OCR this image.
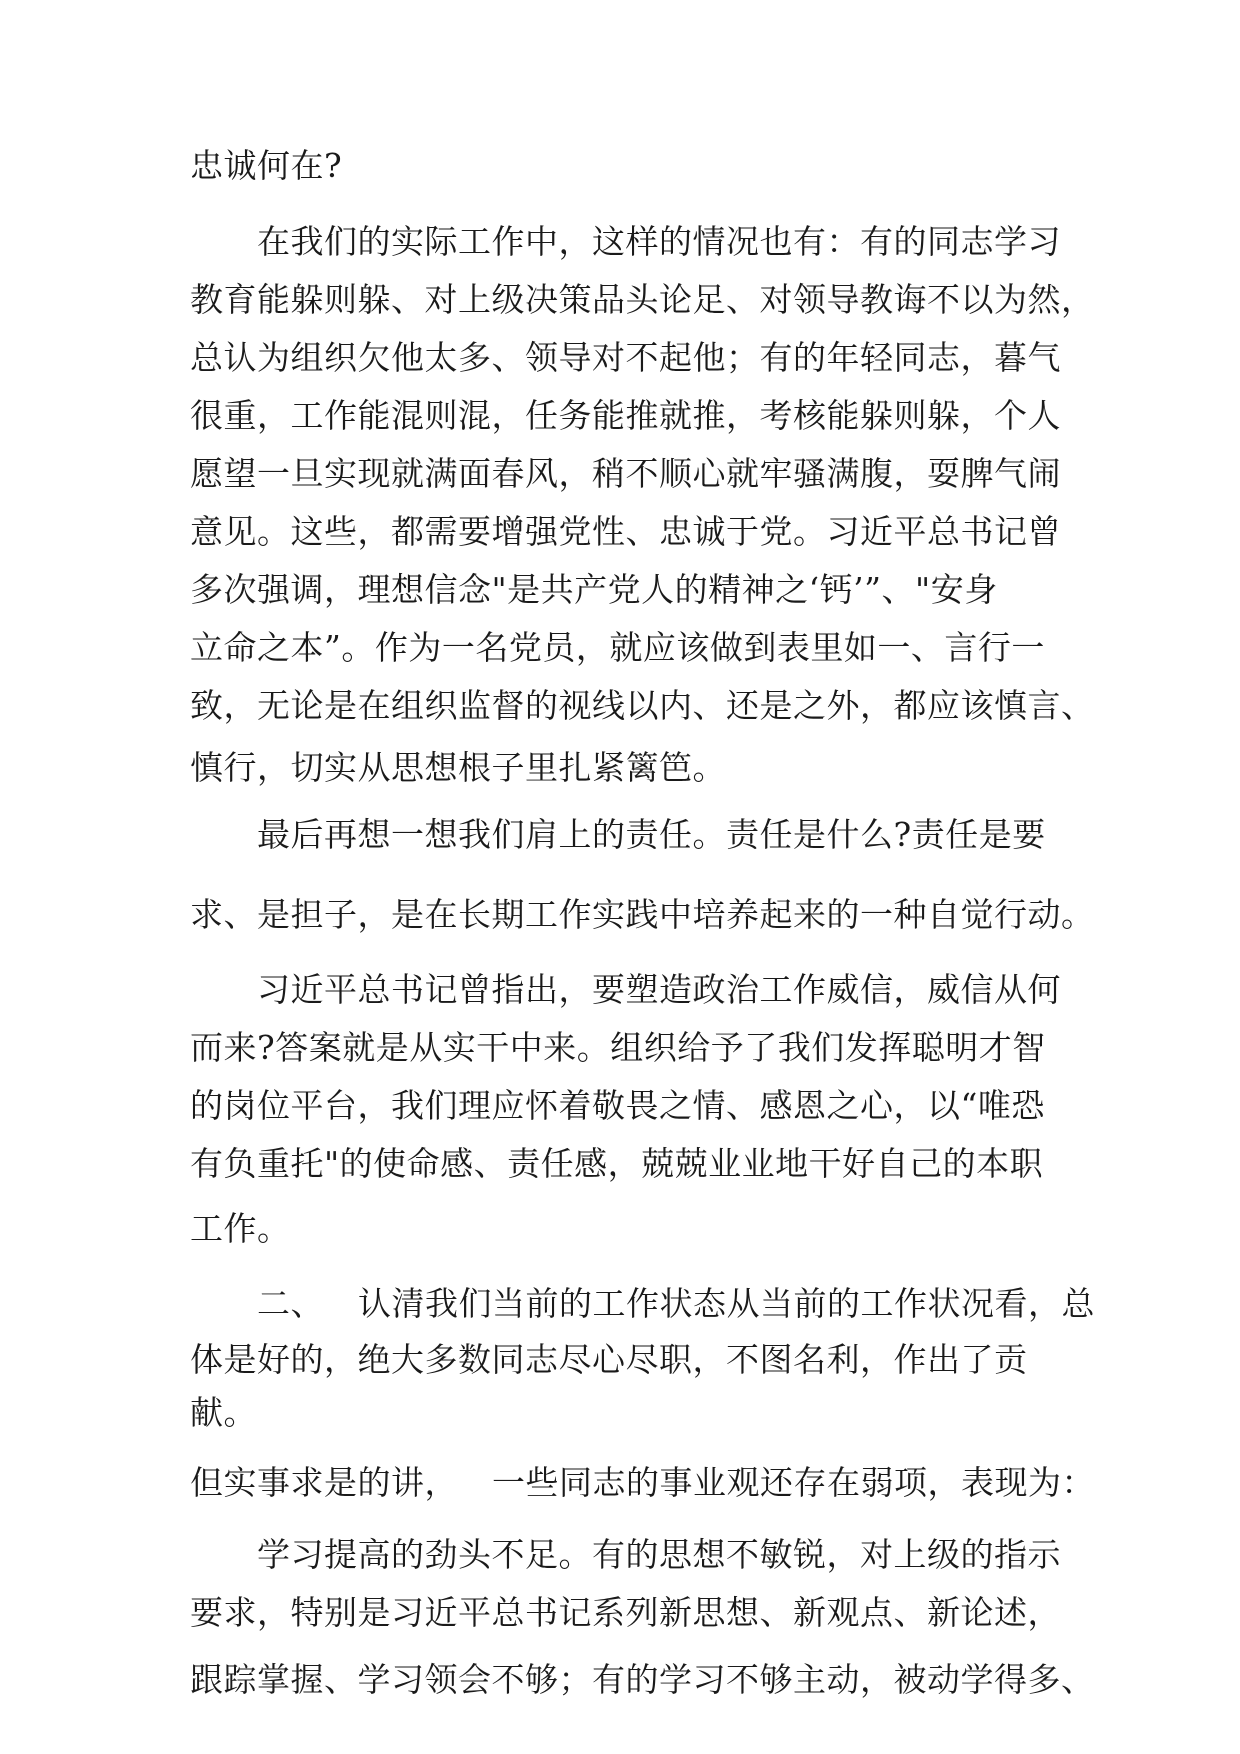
忠诚何在?
在我们的实际工作中，这样的情况也有：有的同志学习
教育能躲则躲、对上级决策品头论足、对领导教诲不以为然，
总认为组织欠他太多、领导对不起他；有的年轻同志，暮气
很重，工作能混则混，任务能推就推，考核能躲则躲，个人
愿望一旦实现就满面春风，稍不顺心就牢骚满腹，耍脾气闹
意见。这些，都需要增强党性、忠诚于党。习近平总书记曾
多次强调，理想信念"是共产党人的精神之‘钙’”、"安身
立命之本”。作为一名党员，就应该做到表里如一、言行一
致，无论是在组织监督的视线以内、还是之外，都应该慎言、
慎行，切实从思想根子里扎紧篱笆。
最后再想一想我们肩上的责任。责任是什么?责任是要
求、是担子，是在长期工作实践中培养起来的一种自觉行动。
习近平总书记曾指出，要塑造政治工作威信，威信从何
而来?答案就是从实干中来。组织给予了我们发挥聪明才智
的岗位平台，我们理应怀着敬畏之情、感恩之心，以“唯恐
有负重托"的使命感、责任感，兢兢业业地干好自己的本职
工作。
二、 认清我们当前的工作状态从当前的工作状况看，总
体是好的，绝大多数同志尽心尽职，不图名利，作出了贡
献。
但实事求是的讲， 一些同志的事业观还存在弱项，表现为：
学习提高的劲头不足。有的思想不敏锐，对上级的指示
要求，特别是习近平总书记系列新思想、新观点、新论述，
跟踪掌握、学习领会不够；有的学习不够主动，被动学得多、
